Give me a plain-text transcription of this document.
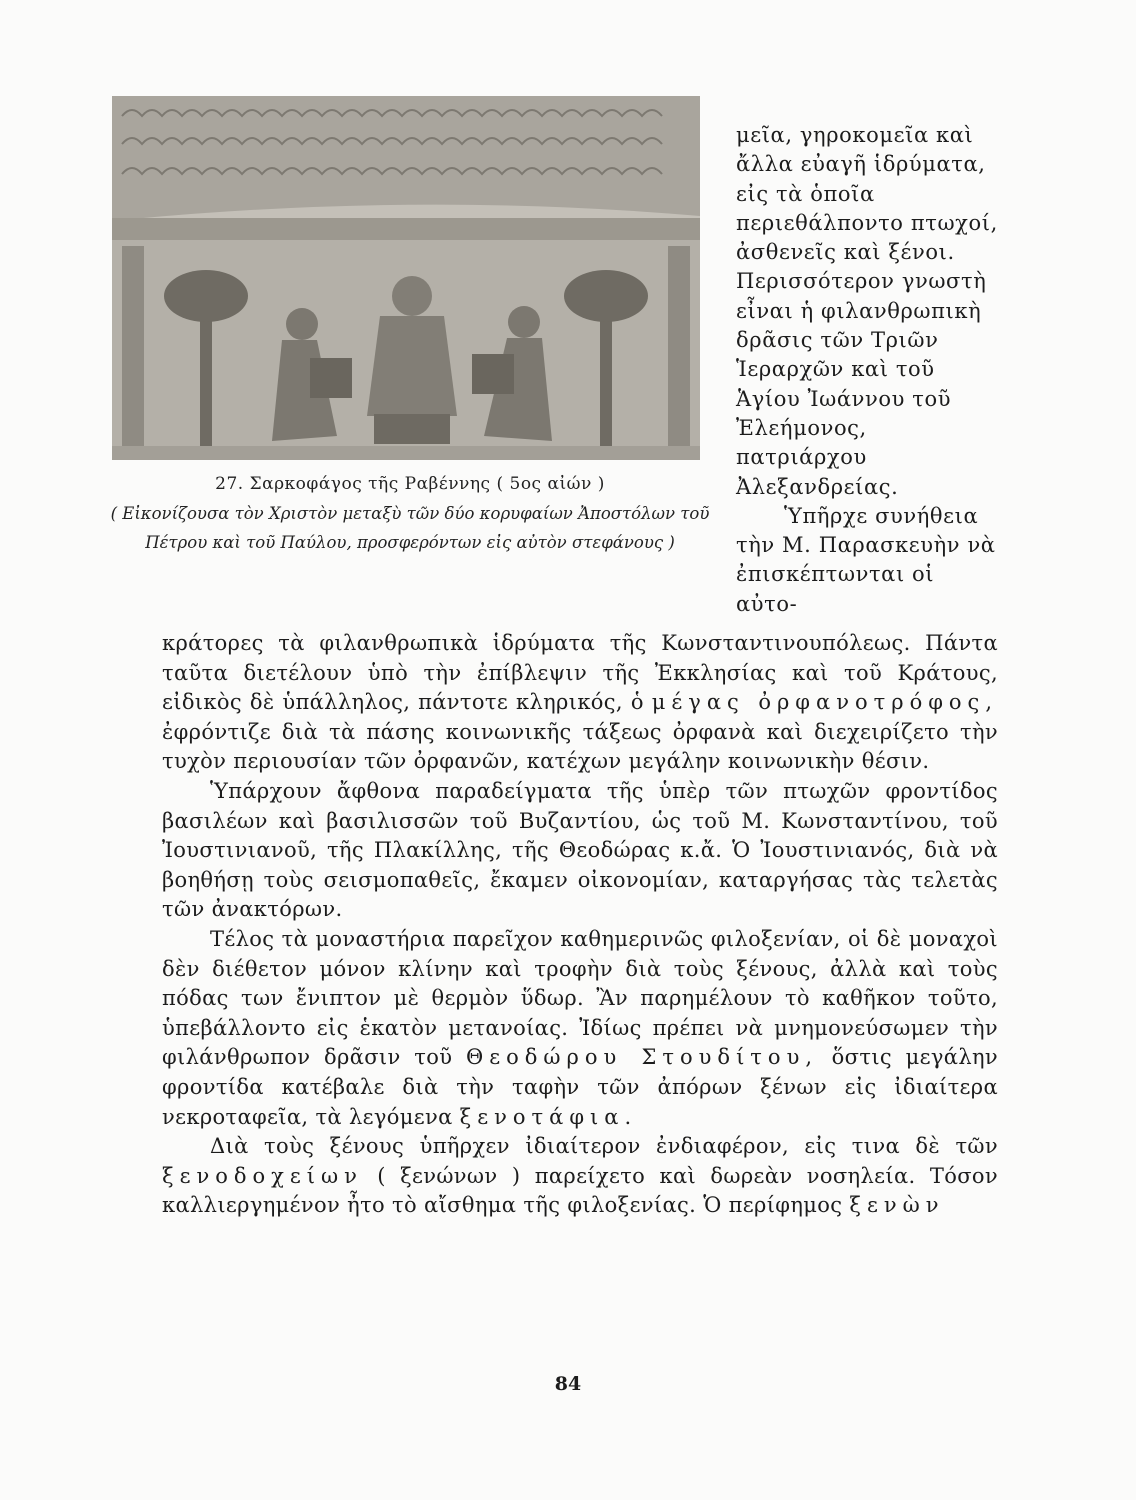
27. Σαρκοφάγος τῆς Ραβέννης ( 5ος αἰών )
( Εἰκονίζουσα τὸν Χριστὸν μεταξὺ τῶν δύο κορυφαίων Ἀποστόλων τοῦ Πέτρου καὶ τοῦ Παύλου, προσφερόντων εἰς αὐτὸν στεφάνους )

μεῖα, γηροκομεῖα καὶ ἄλλα εὐαγῆ ἱδρύματα, εἰς τὰ ὁποῖα περιεθάλποντο πτωχοί, ἀσθενεῖς καὶ ξένοι. Περισσότερον γνωστὴ εἶναι ἡ φιλανθρωπικὴ δρᾶσις τῶν Τριῶν Ἱεραρχῶν καὶ τοῦ Ἁγίου Ἰωάννου τοῦ Ἐλεήμονος, πατριάρχου Ἀλεξανδρείας.

Ὑπῆρχε συνήθεια τὴν Μ. Παρασκευὴν νὰ ἐπισκέπτωνται οἱ αὐτο-

κράτορες τὰ φιλανθρωπικὰ ἱδρύματα τῆς Κωνσταντινουπόλεως. Πάντα ταῦτα διετέλουν ὑπὸ τὴν ἐπίβλεψιν τῆς Ἐκκλησίας καὶ τοῦ Κράτους, εἰδικὸς δὲ ὑπάλληλος, πάντοτε κληρικός, ὁ μέγας ὀρφανοτρόφος, ἐφρόντιζε διὰ τὰ πάσης κοινωνικῆς τάξεως ὀρφανὰ καὶ διεχειρίζετο τὴν τυχὸν περιουσίαν τῶν ὀρφανῶν, κατέχων μεγάλην κοινωνικὴν θέσιν.

Ὑπάρχουν ἄφθονα παραδείγματα τῆς ὑπὲρ τῶν πτωχῶν φροντίδος βασιλέων καὶ βασιλισσῶν τοῦ Βυζαντίου, ὡς τοῦ Μ. Κωνσταντίνου, τοῦ Ἰουστινιανοῦ, τῆς Πλακίλλης, τῆς Θεοδώρας κ.ἄ. Ὁ Ἰουστινιανός, διὰ νὰ βοηθήσῃ τοὺς σεισμοπαθεῖς, ἔκαμεν οἰκονομίαν, καταργήσας τὰς τελετὰς τῶν ἀνακτόρων.

Τέλος τὰ μοναστήρια παρεῖχον καθημερινῶς φιλοξενίαν, οἱ δὲ μοναχοὶ δὲν διέθετον μόνον κλίνην καὶ τροφὴν διὰ τοὺς ξένους, ἀλλὰ καὶ τοὺς πόδας των ἔνιπτον μὲ θερμὸν ὕδωρ. Ἂν παρημέλουν τὸ καθῆκον τοῦτο, ὑπεβάλλοντο εἰς ἑκατὸν μετανοίας. Ἰδίως πρέπει νὰ μνημονεύσωμεν τὴν φιλάνθρωπον δρᾶσιν τοῦ Θεοδώρου Στουδίτου, ὅστις μεγάλην φροντίδα κατέβαλε διὰ τὴν ταφὴν τῶν ἀπόρων ξένων εἰς ἰδιαίτερα νεκροταφεῖα, τὰ λεγόμενα ξενοτάφια.

Διὰ τοὺς ξένους ὑπῆρχεν ἰδιαίτερον ἐνδιαφέρον, εἰς τινα δὲ τῶν ξενοδοχείων ( ξενώνων ) παρείχετο καὶ δωρεὰν νοσηλεία. Τόσον καλλιεργημένον ἦτο τὸ αἴσθημα τῆς φιλοξενίας. Ὁ περίφημος ξενὼν

84
